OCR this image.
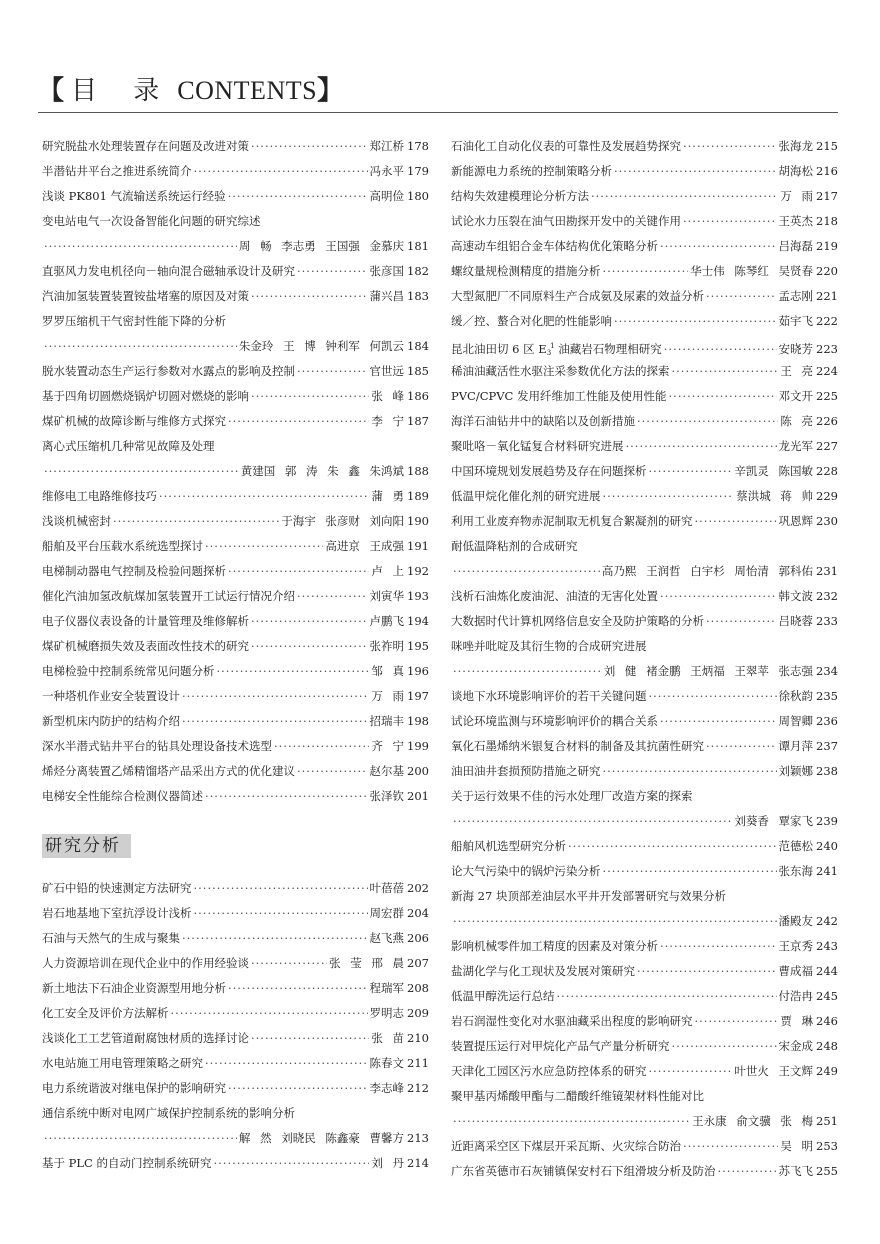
【 目 录 CONTENTS】
研究脱盐水处理装置存在问题及改进对策 ·····	郑江桥 178
半潜钻井平台之推进系统简介 ·····	冯永平 179
浅谈 PK801 气流输送系统运行经验 ·····	高明俭 180
变电站电气一次设备智能化问题的研究综述
·····
周 畅 李志勇 王国强 金慕庆 181
直驱风力发电机径向－轴向混合磁轴承设计及研究 ·····	张彦国 182
汽油加氢装置装置铵盐堵塞的原因及对策 ·····	蒲兴昌 183
罗罗压缩机干气密封性能下降的分析
·····
朱金玲 王 博 钟利军 何凯云 184
脱水装置动态生产运行参数对水露点的影响及控制 ·····	官世远 185
基于四角切圆燃烧锅炉切圆对燃烧的影响 ·····	张 峰 186
煤矿机械的故障诊断与维修方式探究 ·····	李 宁 187
离心式压缩机几种常见故障及处理
·····
黄建国 郭 涛 朱 鑫 朱鸿斌 188
维修电工电路维修技巧 ·····	蒲 勇 189
浅谈机械密封 ·····	于海宇 张彦财 刘向阳 190
船舶及平台压载水系统选型探讨 ·····	高进京 王成强 191
电梯制动器电气控制及检验问题探析 ·····	卢 上 192
催化汽油加氢改航煤加氢装置开工试运行情况介绍 ·····	刘寅华 193
电子仪器仪表设备的计量管理及维修解析 ·····	卢鹏飞 194
煤矿机械磨损失效及表面改性技术的研究 ·····	张祚明 195
电梯检验中控制系统常见问题分析 ·····	邹 真 196
一种塔机作业安全装置设计 ·····	万 雨 197
新型机床内防护的结构介绍 ·····	招瑞丰 198
深水半潜式钻井平台的钻具处理设备技术选型 ·····	齐 宁 199
烯烃分离装置乙烯精馏塔产品采出方式的优化建议 ·····	赵尔基 200
电梯安全性能综合检测仪器简述 ·····	张泽钦 201
矿石中铅的快速测定方法研究 ·····	叶蓓蓓 202
岩石地基地下室抗浮设计浅析 ·····	周宏群 204
石油与天然气的生成与聚集 ·····	赵飞燕 206
人力资源培训在现代企业中的作用经验谈 ·····	张 莹 邢 晨 207
新土地法下石油企业资源型用地分析 ·····	程瑞军 208
化工安全及评价方法解析 ·····	罗明志 209
浅谈化工工艺管道耐腐蚀材质的选择讨论 ·····	张 苗 210
水电站施工用电管理策略之研究 ·····	陈春文 211
电力系统谐波对继电保护的影响研究 ·····	李志峰 212
通信系统中断对电网广域保护控制系统的影响分析
·····
解 然 刘晓民 陈鑫豪 曹馨方 213
基于 PLC 的自动门控制系统研究 ·····	刘 丹 214
研究分析
石油化工自动化仪表的可靠性及发展趋势探究 ·····	张海龙 215
新能源电力系统的控制策略分析 ·····	胡海松 216
结构失效建模理论分析方法 ·····	万 雨 217
试论水力压裂在油气田勘探开发中的关键作用 ·····	王英杰 218
高速动车组铝合金车体结构优化策略分析 ·····	吕海磊 219
螺纹量规检测精度的措施分析 ·····	华士伟 陈琴红 吴贤春 220
大型氮肥厂不同原料生产合成氨及尿素的效益分析 ·····	孟志刚 221
缓／控、螯合对化肥的性能影响 ·····	茹宇飞 222
昆北油田切 6 区 $E_3^1$ 油藏岩石物理相研究 ·····	安晓芳 223
稀油油藏活性水驱注采参数优化方法的探索 ·····	王 亮 224
PVC/CPVC 发用纤维加工性能及使用性能 ·····	邓文开 225
海洋石油钻井中的缺陷以及创新措施 ·····	陈 亮 226
聚吡咯－氧化锰复合材料研究进展 ·····	龙光军 227
中国环境规划发展趋势及存在问题探析 ·····	辛凯灵 陈国敏 228
低温甲烷化催化剂的研究进展 ·····	蔡洪城 蒋 帅 229
利用工业废弃物赤泥制取无机复合絮凝剂的研究 ·····	巩恩辉 230
耐低温降粘剂的合成研究
·····
高乃熙 王润哲 白宇杉 周怡清 郭科佑 231
浅析石油炼化废油泥、油渣的无害化处置 ·····	韩文波 232
大数据时代计算机网络信息安全及防护策略的分析 ·····	吕晓蓉 233
咪唑并吡啶及其衍生物的合成研究进展
·····
刘 健 褚金鹏 王炳福 王翠苹 张志强 234
谈地下水环境影响评价的若干关键问题 ·····	徐秋韵 235
试论环境监测与环境影响评价的耦合关系 ·····	周智卿 236
氧化石墨烯纳米银复合材料的制备及其抗菌性研究 ·····	谭月萍 237
油田油井套损预防措施之研究 ·····	刘颖娜 238
关于运行效果不佳的污水处理厂改造方案的探索
·····
刘葵香 覃家飞 239
船舶风机选型研究分析 ·····	范德松 240
论大气污染中的锅炉污染分析 ·····	张东海 241
新海 27 块顶部差油层水平井开发部署研究与效果分析
·····
潘殿友 242
影响机械零件加工精度的因素及对策分析 ·····	王京秀 243
盐湖化学与化工现状及发展对策研究 ·····	曹成福 244
低温甲醇洗运行总结 ·····	付浩冉 245
岩石润湿性变化对水驱油藏采出程度的影响研究 ·····	贾 琳 246
装置提压运行对甲烷化产品气产量分析研究 ·····	宋金成 248
天津化工园区污水应急防控体系的研究 ·····	叶世火 王文辉 249
聚甲基丙烯酸甲酯与二醋酸纤维镜架材料性能对比
·····
王永康 俞文骥 张 梅 251
近距离采空区下煤层开采瓦斯、火灾综合防治 ·····	吴 明 253
广东省英德市石灰铺镇保安村石下组滑坡分析及防治 ·····	苏飞飞 255
